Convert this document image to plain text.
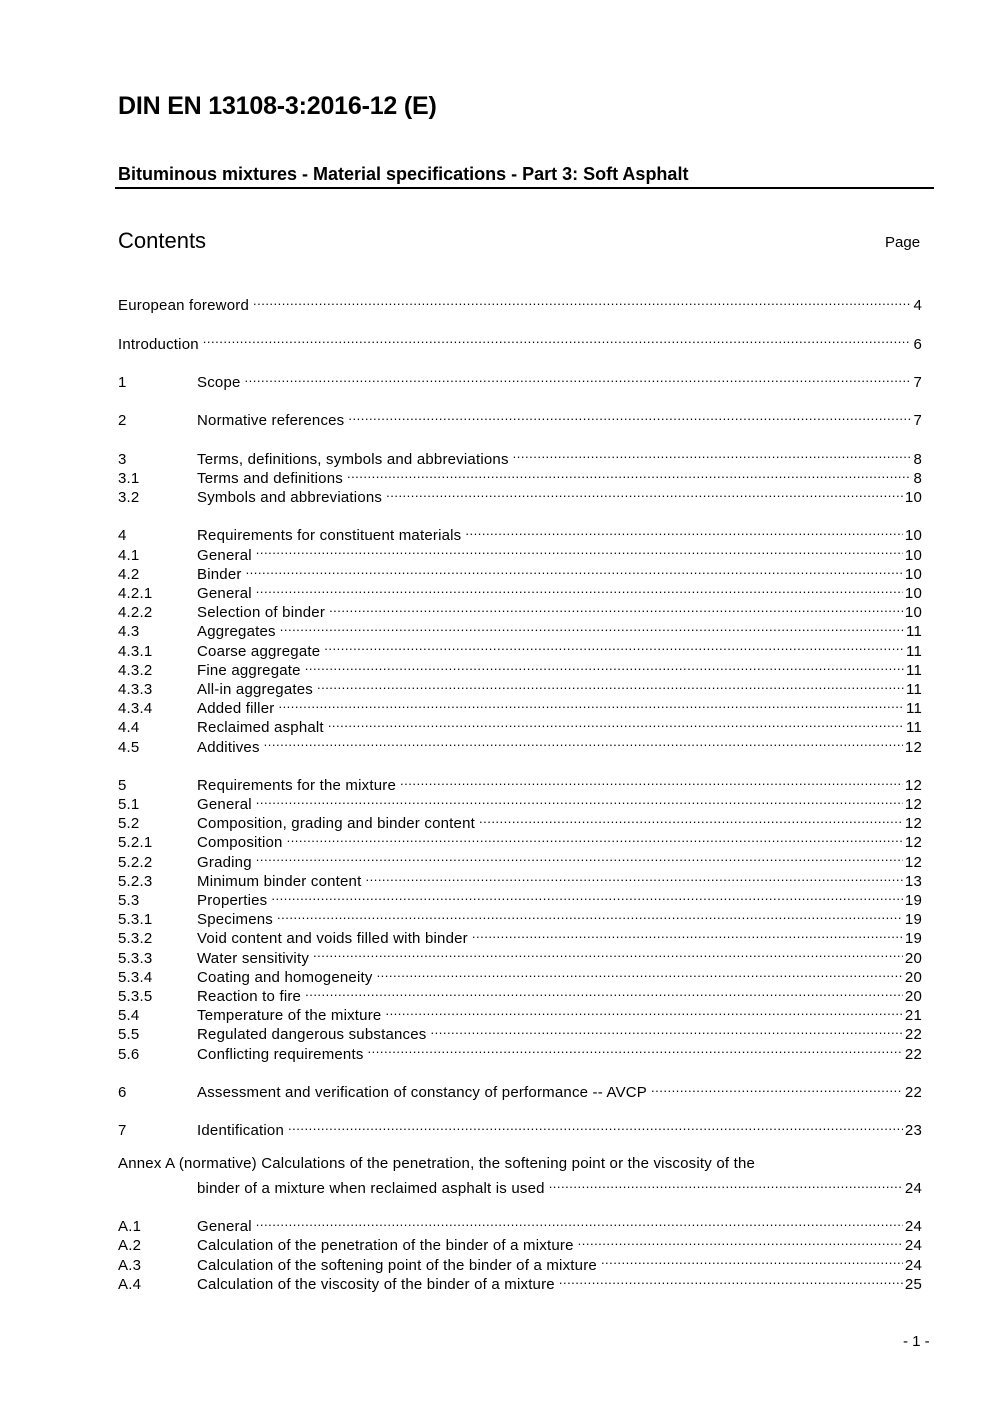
DIN EN 13108-3:2016-12 (E)
Bituminous mixtures - Material specifications - Part 3: Soft Asphalt
Contents	Page
European foreword .....	4
Introduction .....	6
1	Scope .....	7
2	Normative references .....	7
3	Terms, definitions, symbols and abbreviations .....	8
3.1	Terms and definitions .....	8
3.2	Symbols and abbreviations .....	10
4	Requirements for constituent materials .....	10
4.1	General .....	10
4.2	Binder .....	10
4.2.1	General .....	10
4.2.2	Selection of binder .....	10
4.3	Aggregates .....	11
4.3.1	Coarse aggregate .....	11
4.3.2	Fine aggregate .....	11
4.3.3	All-in aggregates .....	11
4.3.4	Added filler .....	11
4.4	Reclaimed asphalt .....	11
4.5	Additives .....	12
5	Requirements for the mixture .....	12
5.1	General .....	12
5.2	Composition, grading and binder content .....	12
5.2.1	Composition .....	12
5.2.2	Grading .....	12
5.2.3	Minimum binder content .....	13
5.3	Properties .....	19
5.3.1	Specimens .....	19
5.3.2	Void content and voids filled with binder .....	19
5.3.3	Water sensitivity .....	20
5.3.4	Coating and homogeneity .....	20
5.3.5	Reaction to fire .....	20
5.4	Temperature of the mixture .....	21
5.5	Regulated dangerous substances .....	22
5.6	Conflicting requirements .....	22
6	Assessment and verification of constancy of performance -- AVCP .....	22
7	Identification .....	23
Annex A (normative) Calculations of the penetration, the softening point or the viscosity of the
binder of a mixture when reclaimed asphalt is used .....	24
A.1	General .....	24
A.2	Calculation of the penetration of the binder of a mixture .....	24
A.3	Calculation of the softening point of the binder of a mixture .....	24
A.4	Calculation of the viscosity of the binder of a mixture .....	25
- 1 -
